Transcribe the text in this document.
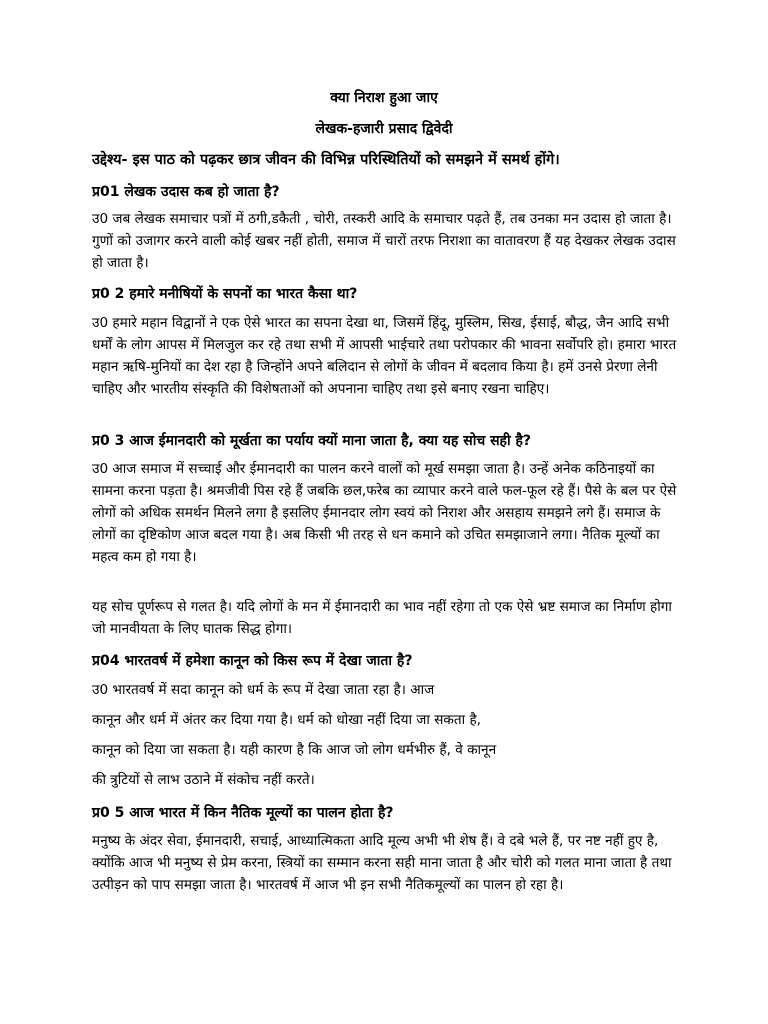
क्या निराश हुआ जाए
लेखक-हजारी प्रसाद द्विवेदी
उद्देश्य- इस पाठ को पढ़कर छात्र जीवन की विभिन्न परिस्थितियों को समझने में समर्थ होंगे।
प्र01 लेखक उदास कब हो जाता है?
उ0 जब लेखक समाचार पत्रों में ठगी,डकैती , चोरी, तस्करी आदि के समाचार पढ़ते हैं, तब उनका मन उदास हो जाता है। गुणों को उजागर करने वाली कोई खबर नहीं होती, समाज में चारों तरफ निराशा का वातावरण हैं यह देखकर लेखक उदास हो जाता है।
प्र0 2 हमारे मनीषियों के सपनों का भारत कैसा था?
उ0 हमारे महान विद्वानों ने एक ऐसे भारत का सपना देखा था, जिसमें हिंदू, मुस्लिम, सिख, ईसाई, बौद्ध, जैन आदि सभी धर्मों के लोग आपस में मिलजुल कर रहे तथा सभी में आपसी भाईचारे तथा परोपकार की भावना सर्वोपरि हो। हमारा भारत महान ऋषि-मुनियों का देश रहा है जिन्होंने अपने बलिदान से लोगों के जीवन में बदलाव किया है। हमें उनसे प्रेरणा लेनी चाहिए और भारतीय संस्कृति की विशेषताओं को अपनाना चाहिए तथा इसे बनाए रखना चाहिए।
प्र0 3 आज ईमानदारी को मूर्खता का पर्याय क्यों माना जाता है, क्या यह सोच सही है?
उ0 आज समाज में सच्चाई और ईमानदारी का पालन करने वालों को मूर्ख समझा जाता है। उन्हें अनेक कठिनाइयों का सामना करना पड़ता है। श्रमजीवी पिस रहे हैं जबकि छल,फरेब का व्यापार करने वाले फल-फूल रहे हैं। पैसे के बल पर ऐसे लोगों को अधिक समर्थन मिलने लगा है इसलिए ईमानदार लोग स्वयं को निराश और असहाय समझने लगे हैं। समाज के लोगों का दृष्टिकोण आज बदल गया है। अब किसी भी तरह से धन कमाने को उचित समझाजाने लगा। नैतिक मूल्यों का महत्व कम हो गया है।
यह सोच पूर्णरूप से गलत है। यदि लोगों के मन में ईमानदारी का भाव नहीं रहेगा तो एक ऐसे भ्रष्ट समाज का निर्माण होगा जो मानवीयता के लिए घातक सिद्ध होगा।
प्र04 भारतवर्ष में हमेशा कानून को किस रूप में देखा जाता है?
उ0 भारतवर्ष में सदा कानून को धर्म के रूप में देखा जाता रहा है। आज
कानून और धर्म में अंतर कर दिया गया है। धर्म को धोखा नहीं दिया जा सकता है,
कानून को दिया जा सकता है। यही कारण है कि आज जो लोग धर्मभीरु हैं, वे कानून
की त्रुटियों से लाभ उठाने में संकोच नहीं करते।
प्र0 5 आज भारत में किन नैतिक मूल्यों का पालन होता है?
मनुष्य के अंदर सेवा, ईमानदारी, सचाई, आध्यात्मिकता आदि मूल्य अभी भी शेष हैं। वे दबे भले हैं, पर नष्ट नहीं हुए है, क्योंकि आज भी मनुष्य से प्रेम करना, स्त्रियों का सम्मान करना सही माना जाता है और चोरी को गलत माना जाता है तथा उत्पीड़न को पाप समझा जाता है। भारतवर्ष में आज भी इन सभी नैतिकमूल्यों का पालन हो रहा है।
